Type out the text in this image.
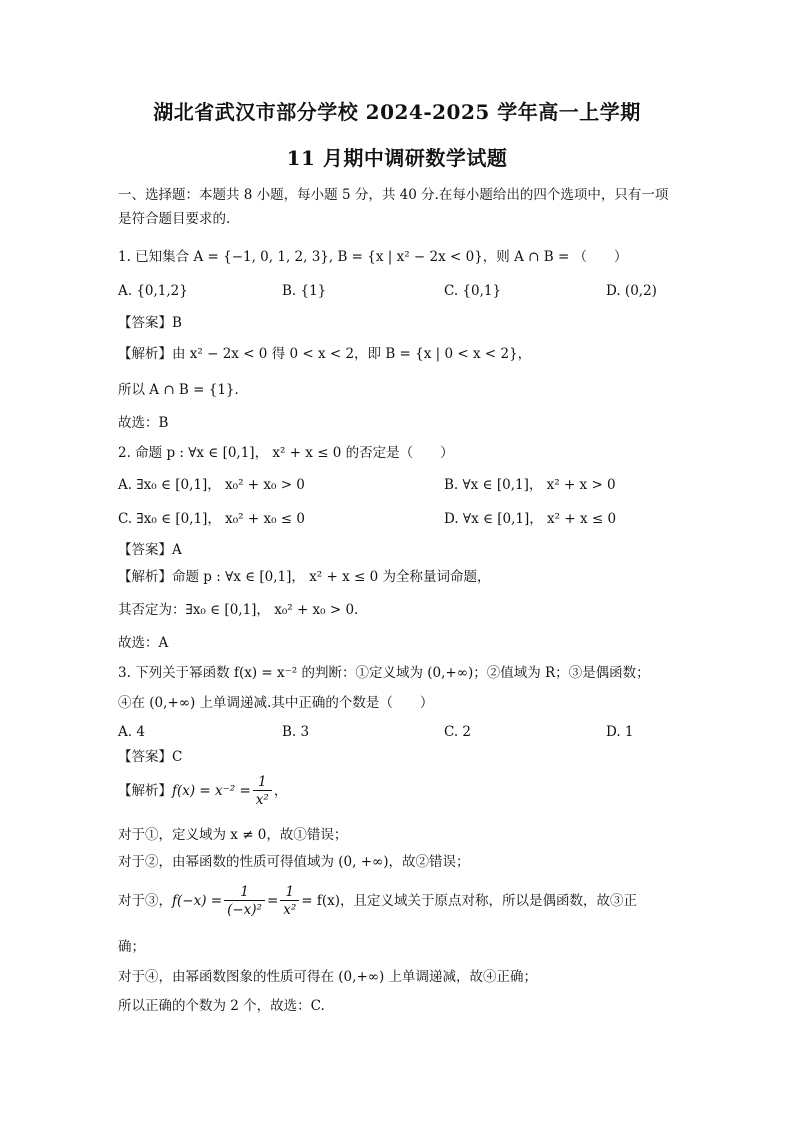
湖北省武汉市部分学校 2024-2025 学年高一上学期
11 月期中调研数学试题
一、选择题：本题共 8 小题，每小题 5 分，共 40 分.在每小题给出的四个选项中，只有一项
是符合题目要求的.
1. 已知集合 A = {−1, 0, 1, 2, 3}, B = {x | x² − 2x < 0}，则 A ∩ B = （　　）
A. {0,1,2}	B. {1}	C. {0,1}	D. (0,2)
【答案】B
【解析】由 x² − 2x < 0 得 0 < x < 2，即 B = {x | 0 < x < 2}，
所以 A ∩ B = {1}.
故选：B
2. 命题 p : ∀x ∈ [0,1]， x² + x ≤ 0 的否定是（　　）
A. ∃x₀ ∈ [0,1]， x₀² + x₀ > 0	B. ∀x ∈ [0,1]， x² + x > 0
C. ∃x₀ ∈ [0,1]， x₀² + x₀ ≤ 0	D. ∀x ∈ [0,1]， x² + x ≤ 0
【答案】A
【解析】命题 p : ∀x ∈ [0,1]， x² + x ≤ 0 为全称量词命题，
其否定为：∃x₀ ∈ [0,1]， x₀² + x₀ > 0.
故选：A
3. 下列关于幂函数 f(x) = x⁻² 的判断：①定义域为 (0,+∞)；②值域为 R；③是偶函数；
④在 (0,+∞) 上单调递减.其中正确的个数是（　　）
A. 4	B. 3	C. 2	D. 1
【答案】C
【解析】$f(x) = x^{-2} = \frac{1}{\text{x²}}$ ，
对于①，定义域为 x ≠ 0，故①错误；
对于②，由幂函数的性质可得值域为 (0, +∞)，故②错误；
对于③，$f(-x) = \frac{1}{\text{(−x)²}} = \frac{1}{\text{x²}} = f(x)$，且定义域关于原点对称，所以是偶函数，故③正
确；
对于④，由幂函数图象的性质可得在 (0,+∞) 上单调递减，故④正确；
所以正确的个数为 2 个，故选：C.
